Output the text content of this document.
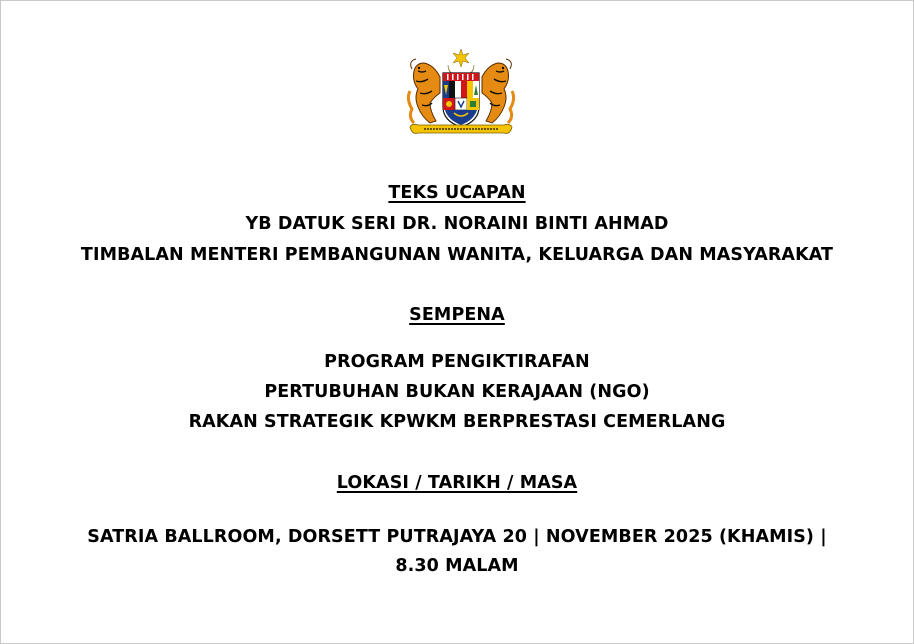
TEKS UCAPAN
YB DATUK SERI DR. NORAINI BINTI AHMAD
TIMBALAN MENTERI PEMBANGUNAN WANITA, KELUARGA DAN MASYARAKAT
SEMPENA
PROGRAM PENGIKTIRAFAN
PERTUBUHAN BUKAN KERAJAAN (NGO)
RAKAN STRATEGIK KPWKM BERPRESTASI CEMERLANG
LOKASI / TARIKH / MASA
SATRIA BALLROOM, DORSETT PUTRAJAYA 20 | NOVEMBER 2025 (KHAMIS) |
8.30 MALAM
